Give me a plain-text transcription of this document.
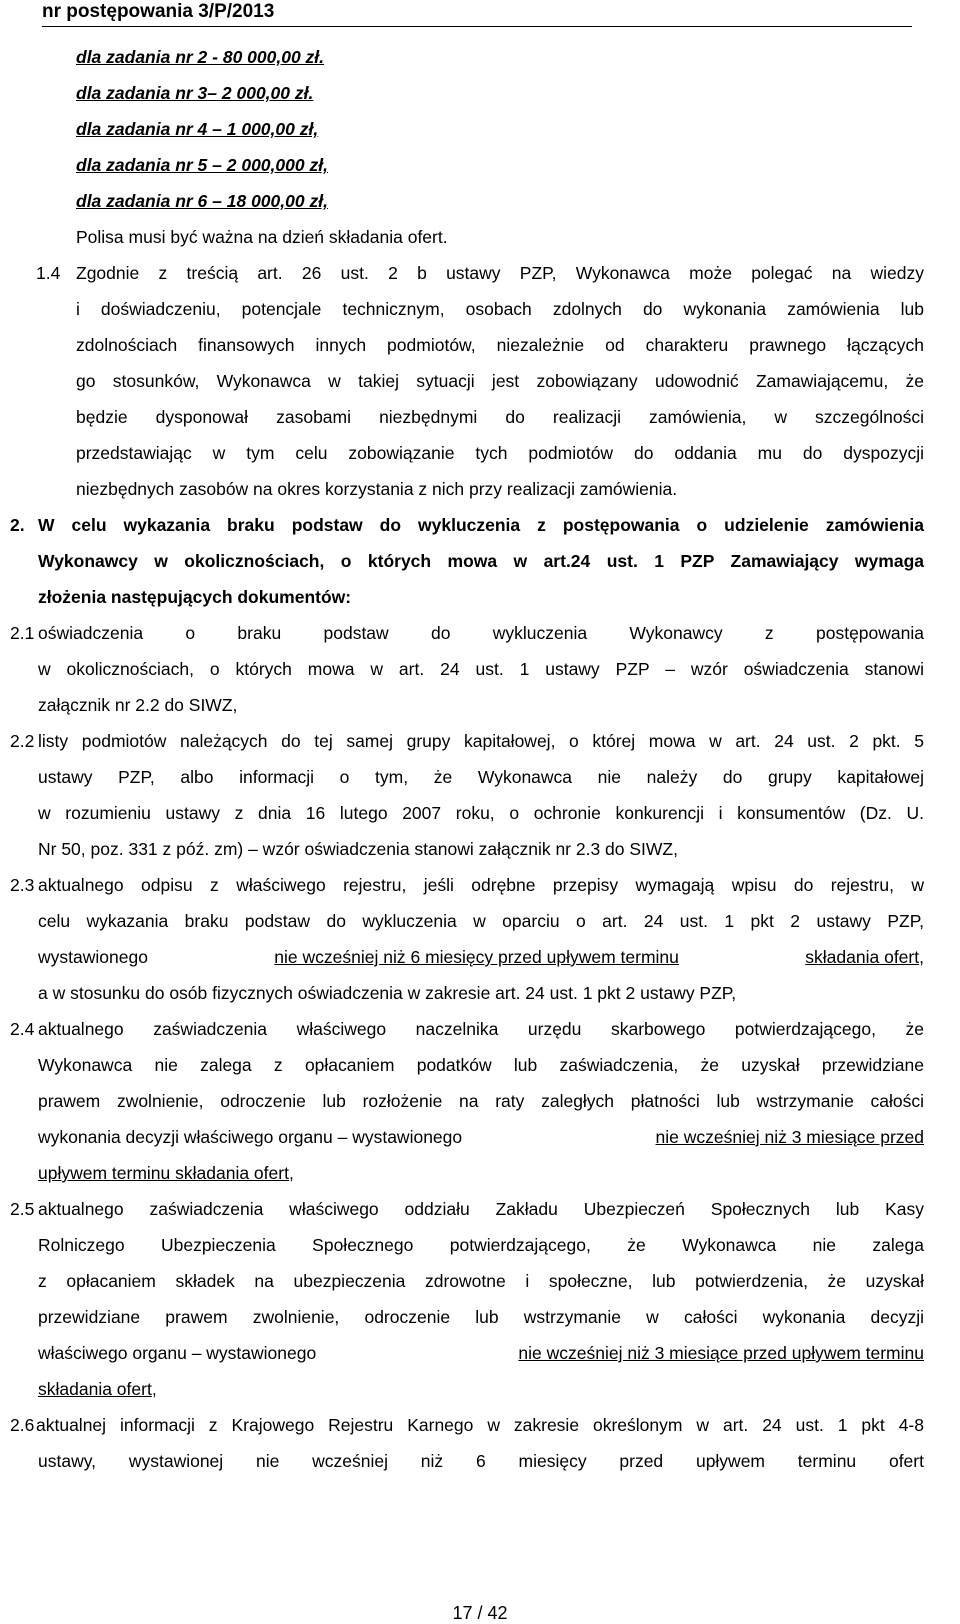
nr postępowania 3/P/2013
dla zadania nr 2 - 80 000,00 zł.
dla zadania nr 3– 2 000,00 zł.
dla zadania nr 4 – 1 000,00 zł,
dla zadania nr 5 – 2 000,000 zł,
dla zadania nr 6 – 18 000,00 zł,
Polisa musi być ważna na dzień składania ofert.
1.4 Zgodnie z treścią art. 26 ust. 2 b ustawy PZP, Wykonawca może polegać na wiedzy
i doświadczeniu, potencjale technicznym, osobach zdolnych do wykonania zamówienia lub
zdolnościach finansowych innych podmiotów, niezależnie od charakteru prawnego łączących
go stosunków, Wykonawca w takiej sytuacji jest zobowiązany udowodnić Zamawiającemu, że
będzie dysponował zasobami niezbędnymi do realizacji zamówienia, w szczególności
przedstawiając w tym celu zobowiązanie tych podmiotów do oddania mu do dyspozycji
niezbędnych zasobów na okres korzystania z nich przy realizacji zamówienia.
2. W celu wykazania braku podstaw do wykluczenia z postępowania o udzielenie zamówienia
Wykonawcy w okolicznościach, o których mowa w art.24 ust. 1 PZP Zamawiający wymaga
złożenia następujących dokumentów:
2.1 oświadczenia o braku podstaw do wykluczenia Wykonawcy z postępowania
w okolicznościach, o których mowa w art. 24 ust. 1 ustawy PZP – wzór oświadczenia stanowi
załącznik nr 2.2 do SIWZ,
2.2 listy podmiotów należących do tej samej grupy kapitałowej, o której mowa w art. 24 ust. 2 pkt. 5
ustawy PZP, albo informacji o tym, że Wykonawca nie należy do grupy kapitałowej
w rozumieniu ustawy z dnia 16 lutego 2007 roku, o ochronie konkurencji i konsumentów (Dz. U.
Nr 50, poz. 331 z póź. zm) – wzór oświadczenia stanowi załącznik nr 2.3 do SIWZ,
2.3 aktualnego odpisu z właściwego rejestru, jeśli odrębne przepisy wymagają wpisu do rejestru, w
celu wykazania braku podstaw do wykluczenia w oparciu o art. 24 ust. 1 pkt 2 ustawy PZP,
wystawionego	nie wcześniej niż 6 miesięcy przed upływem terminu	składania ofert,
a w stosunku do osób fizycznych oświadczenia w zakresie art. 24 ust. 1 pkt 2 ustawy PZP,
2.4 aktualnego zaświadczenia właściwego naczelnika urzędu skarbowego potwierdzającego, że
Wykonawca nie zalega z opłacaniem podatków lub zaświadczenia, że uzyskał przewidziane
prawem zwolnienie, odroczenie lub rozłożenie na raty zaległych płatności lub wstrzymanie całości
wykonania decyzji właściwego organu – wystawionego	nie wcześniej niż 3 miesiące przed
upływem terminu składania ofert,
2.5 aktualnego zaświadczenia właściwego oddziału Zakładu Ubezpieczeń Społecznych lub Kasy
Rolniczego Ubezpieczenia Społecznego potwierdzającego, że Wykonawca nie zalega
z opłacaniem składek na ubezpieczenia zdrowotne i społeczne, lub potwierdzenia, że uzyskał
przewidziane prawem zwolnienie, odroczenie lub wstrzymanie w całości wykonania decyzji
właściwego organu – wystawionego	nie wcześniej niż 3 miesiące przed upływem terminu
składania ofert,
2.6 aktualnej informacji z Krajowego Rejestru Karnego w zakresie określonym w art. 24 ust. 1 pkt 4-8
ustawy, wystawionej nie wcześniej niż 6 miesięcy przed upływem terminu ofert
17 / 42
